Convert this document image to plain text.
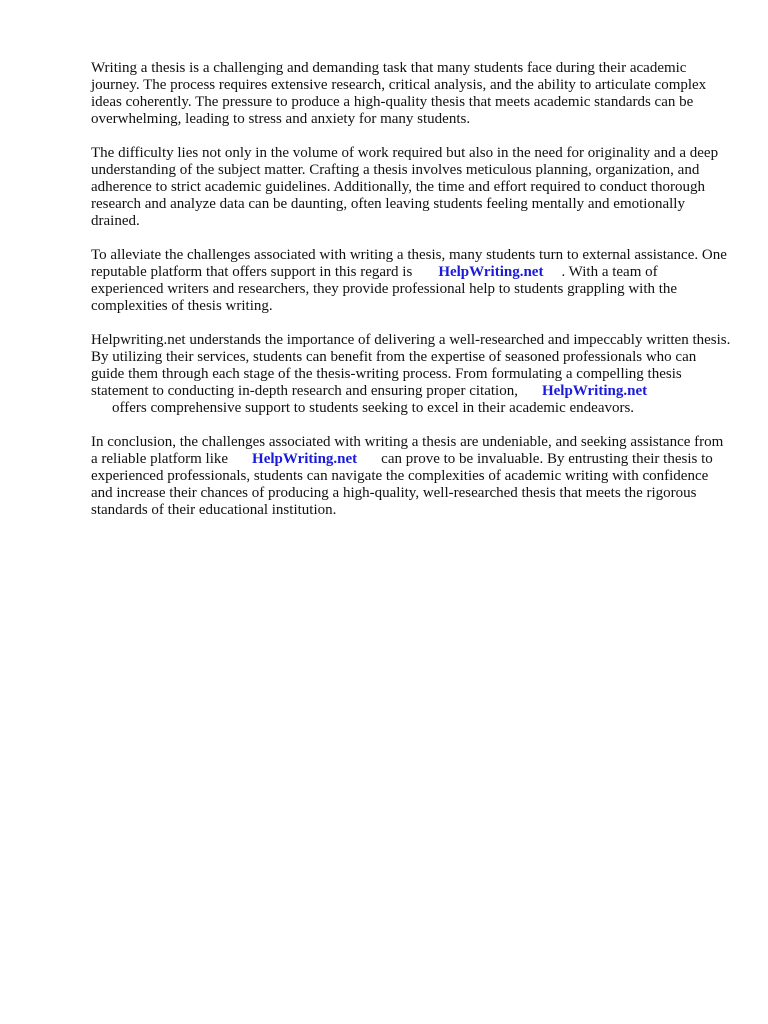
Writing a thesis is a challenging and demanding task that many students face during their academic journey. The process requires extensive research, critical analysis, and the ability to articulate complex ideas coherently. The pressure to produce a high-quality thesis that meets academic standards can be overwhelming, leading to stress and anxiety for many students.

The difficulty lies not only in the volume of work required but also in the need for originality and a deep understanding of the subject matter. Crafting a thesis involves meticulous planning, organization, and adherence to strict academic guidelines. Additionally, the time and effort required to conduct thorough research and analyze data can be daunting, often leaving students feeling mentally and emotionally drained.

To alleviate the challenges associated with writing a thesis, many students turn to external assistance. One reputable platform that offers support in this regard is HelpWriting.net . With a team of experienced writers and researchers, they provide professional help to students grappling with the complexities of thesis writing.

Helpwriting.net understands the importance of delivering a well-researched and impeccably written thesis. By utilizing their services, students can benefit from the expertise of seasoned professionals who can guide them through each stage of the thesis-writing process. From formulating a compelling thesis statement to conducting in-depth research and ensuring proper citation, HelpWriting.net
offers comprehensive support to students seeking to excel in their academic endeavors.

In conclusion, the challenges associated with writing a thesis are undeniable, and seeking assistance from a reliable platform like HelpWriting.net can prove to be invaluable. By entrusting their thesis to experienced professionals, students can navigate the complexities of academic writing with confidence and increase their chances of producing a high-quality, well-researched thesis that meets the rigorous standards of their educational institution.
